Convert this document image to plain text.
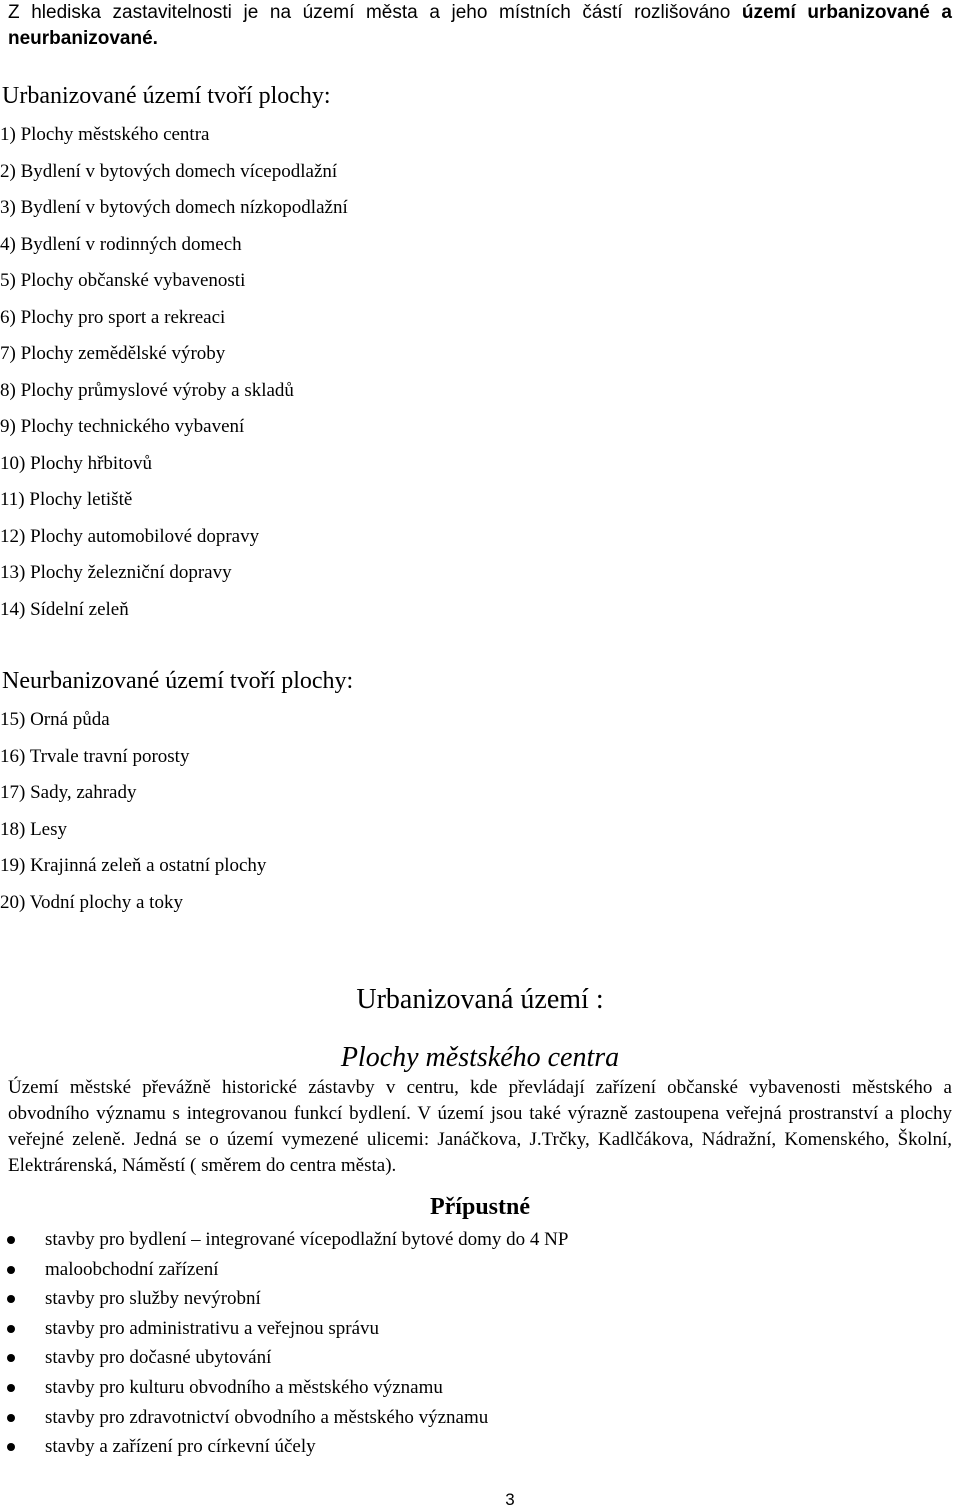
Z hlediska zastavitelnosti je na území města a jeho místních částí rozlišováno území urbanizované a neurbanizované.
Urbanizované území tvoří plochy:
1) Plochy městského centra
2) Bydlení v bytových domech vícepodlažní
3) Bydlení v bytových domech nízkopodlažní
4) Bydlení v rodinných domech
5) Plochy občanské vybavenosti
6) Plochy pro sport a rekreaci
7) Plochy zemědělské výroby
8) Plochy průmyslové výroby a skladů
9) Plochy technického vybavení
10) Plochy hřbitovů
11) Plochy letiště
12) Plochy automobilové dopravy
13) Plochy železniční dopravy
14) Sídelní zeleň
Neurbanizované území tvoří plochy:
15) Orná půda
16) Trvale travní porosty
17) Sady, zahrady
18) Lesy
19) Krajinná zeleň a ostatní plochy
20) Vodní plochy a toky
Urbanizovaná území :
Plochy městského centra
Území městské převážně historické zástavby v centru, kde převládají zařízení občanské vybavenosti městského a obvodního významu s integrovanou funkcí bydlení. V území jsou také výrazně zastoupena veřejná prostranství a plochy veřejné zeleně. Jedná se o území vymezené ulicemi: Janáčkova, J.Trčky, Kadlčákova, Nádražní, Komenského, Školní, Elektrárenská, Náměstí ( směrem do centra města).
Přípustné
stavby pro bydlení – integrované vícepodlažní bytové domy do 4 NP
maloobchodní zařízení
stavby pro služby nevýrobní
stavby pro administrativu a veřejnou správu
stavby pro dočasné ubytování
stavby pro kulturu obvodního a městského významu
stavby pro zdravotnictví obvodního a městského významu
stavby a zařízení pro církevní účely
3
